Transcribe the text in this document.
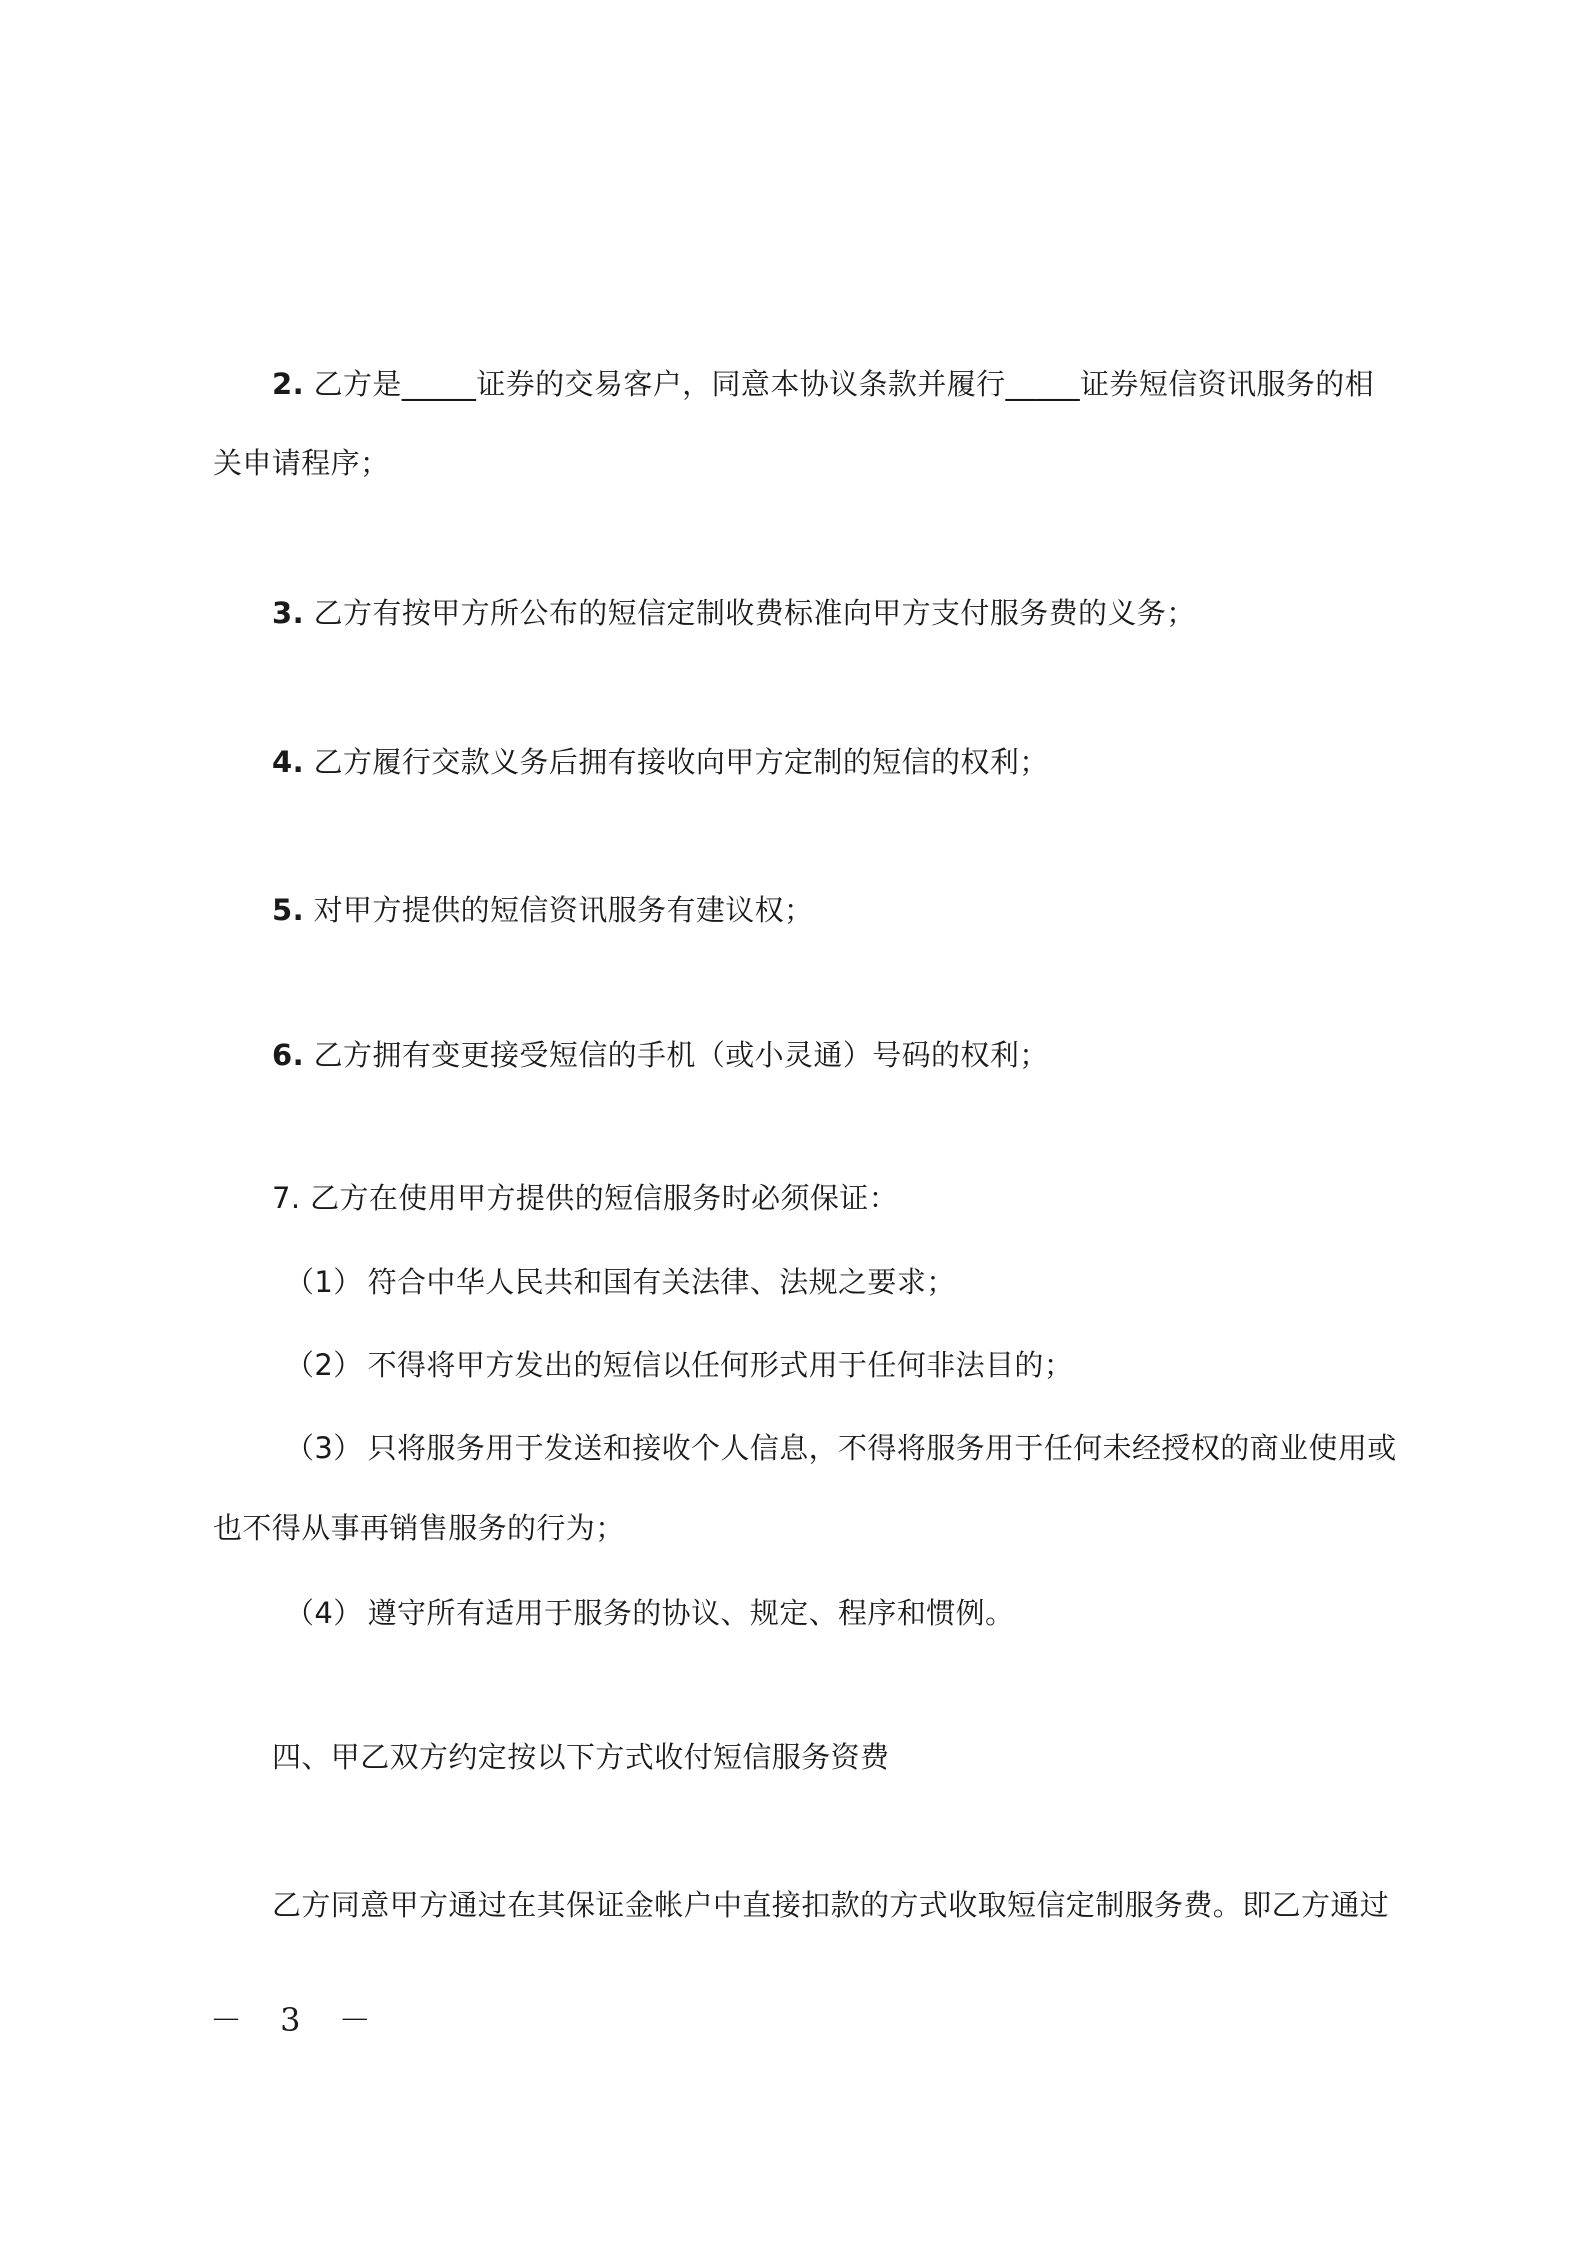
2. 乙方是_____证券的交易客户，同意本协议条款并履行_____证券短信资讯服务的相
关申请程序；
3. 乙方有按甲方所公布的短信定制收费标准向甲方支付服务费的义务；
4. 乙方履行交款义务后拥有接收向甲方定制的短信的权利；
5. 对甲方提供的短信资讯服务有建议权；
6. 乙方拥有变更接受短信的手机（或小灵通）号码的权利；
7. 乙方在使用甲方提供的短信服务时必须保证：
（1） 符合中华人民共和国有关法律、法规之要求；
（2） 不得将甲方发出的短信以任何形式用于任何非法目的；
（3） 只将服务用于发送和接收个人信息，不得将服务用于任何未经授权的商业使用或
也不得从事再销售服务的行为；
（4） 遵守所有适用于服务的协议、规定、程序和惯例。
四、甲乙双方约定按以下方式收付短信服务资费
乙方同意甲方通过在其保证金帐户中直接扣款的方式收取短信定制服务费。即乙方通过
－ 3 －
